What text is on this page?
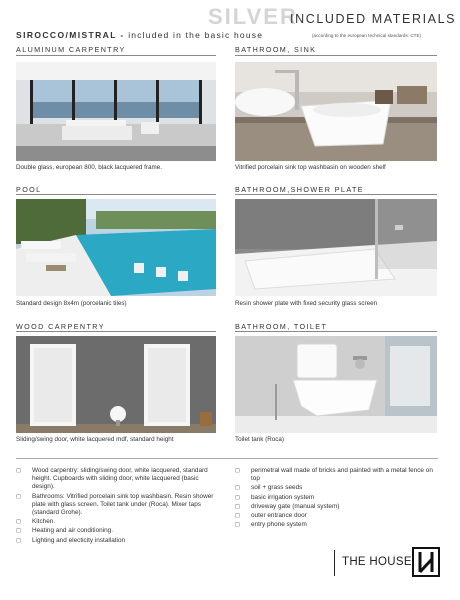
SILVER
INCLUDED MATERIALS
SIROCCO/MISTRAL - included in the basic house	(according to the european technical standards: CTE)
ALUMINUM CARPENTRY
Double glass, european 800, black lacquered frame.
BATHROOM, SINK
Vitrified porcelain sink top washbasin on wooden shelf
POOL
Standard design 8x4m (porcelanic tiles)
BATHROOM,SHOWER PLATE
Resin shower plate with fixed security glass screen
WOOD CARPENTRY
Sliding/swing door, white lacquered mdf, standard height
BATHROOM, TOILET
Toilet tank (Roca)
◻ Wood carpentry: sliding/swing door, white lacquered, standard height. Cupboards with sliding door, white lacquered (basic design).
◻ Bathrooms: Vitrified porcelain sink top washbasin. Resin shower plate with glass screen. Toilet tank under (Roca). Mixer taps (standard Grohe).
◻ Kitchen.
◻ Heating and air conditioning.
◻ Lighting and electicity installation
◻ perimetral wall made of bricks and painted with a metal fence on top
◻ soil + grass seeds
◻ basic irrigation system
◻ driveway gate (manual system)
◻ outer entrance door
◻ entry phone system
THE HOUSE
